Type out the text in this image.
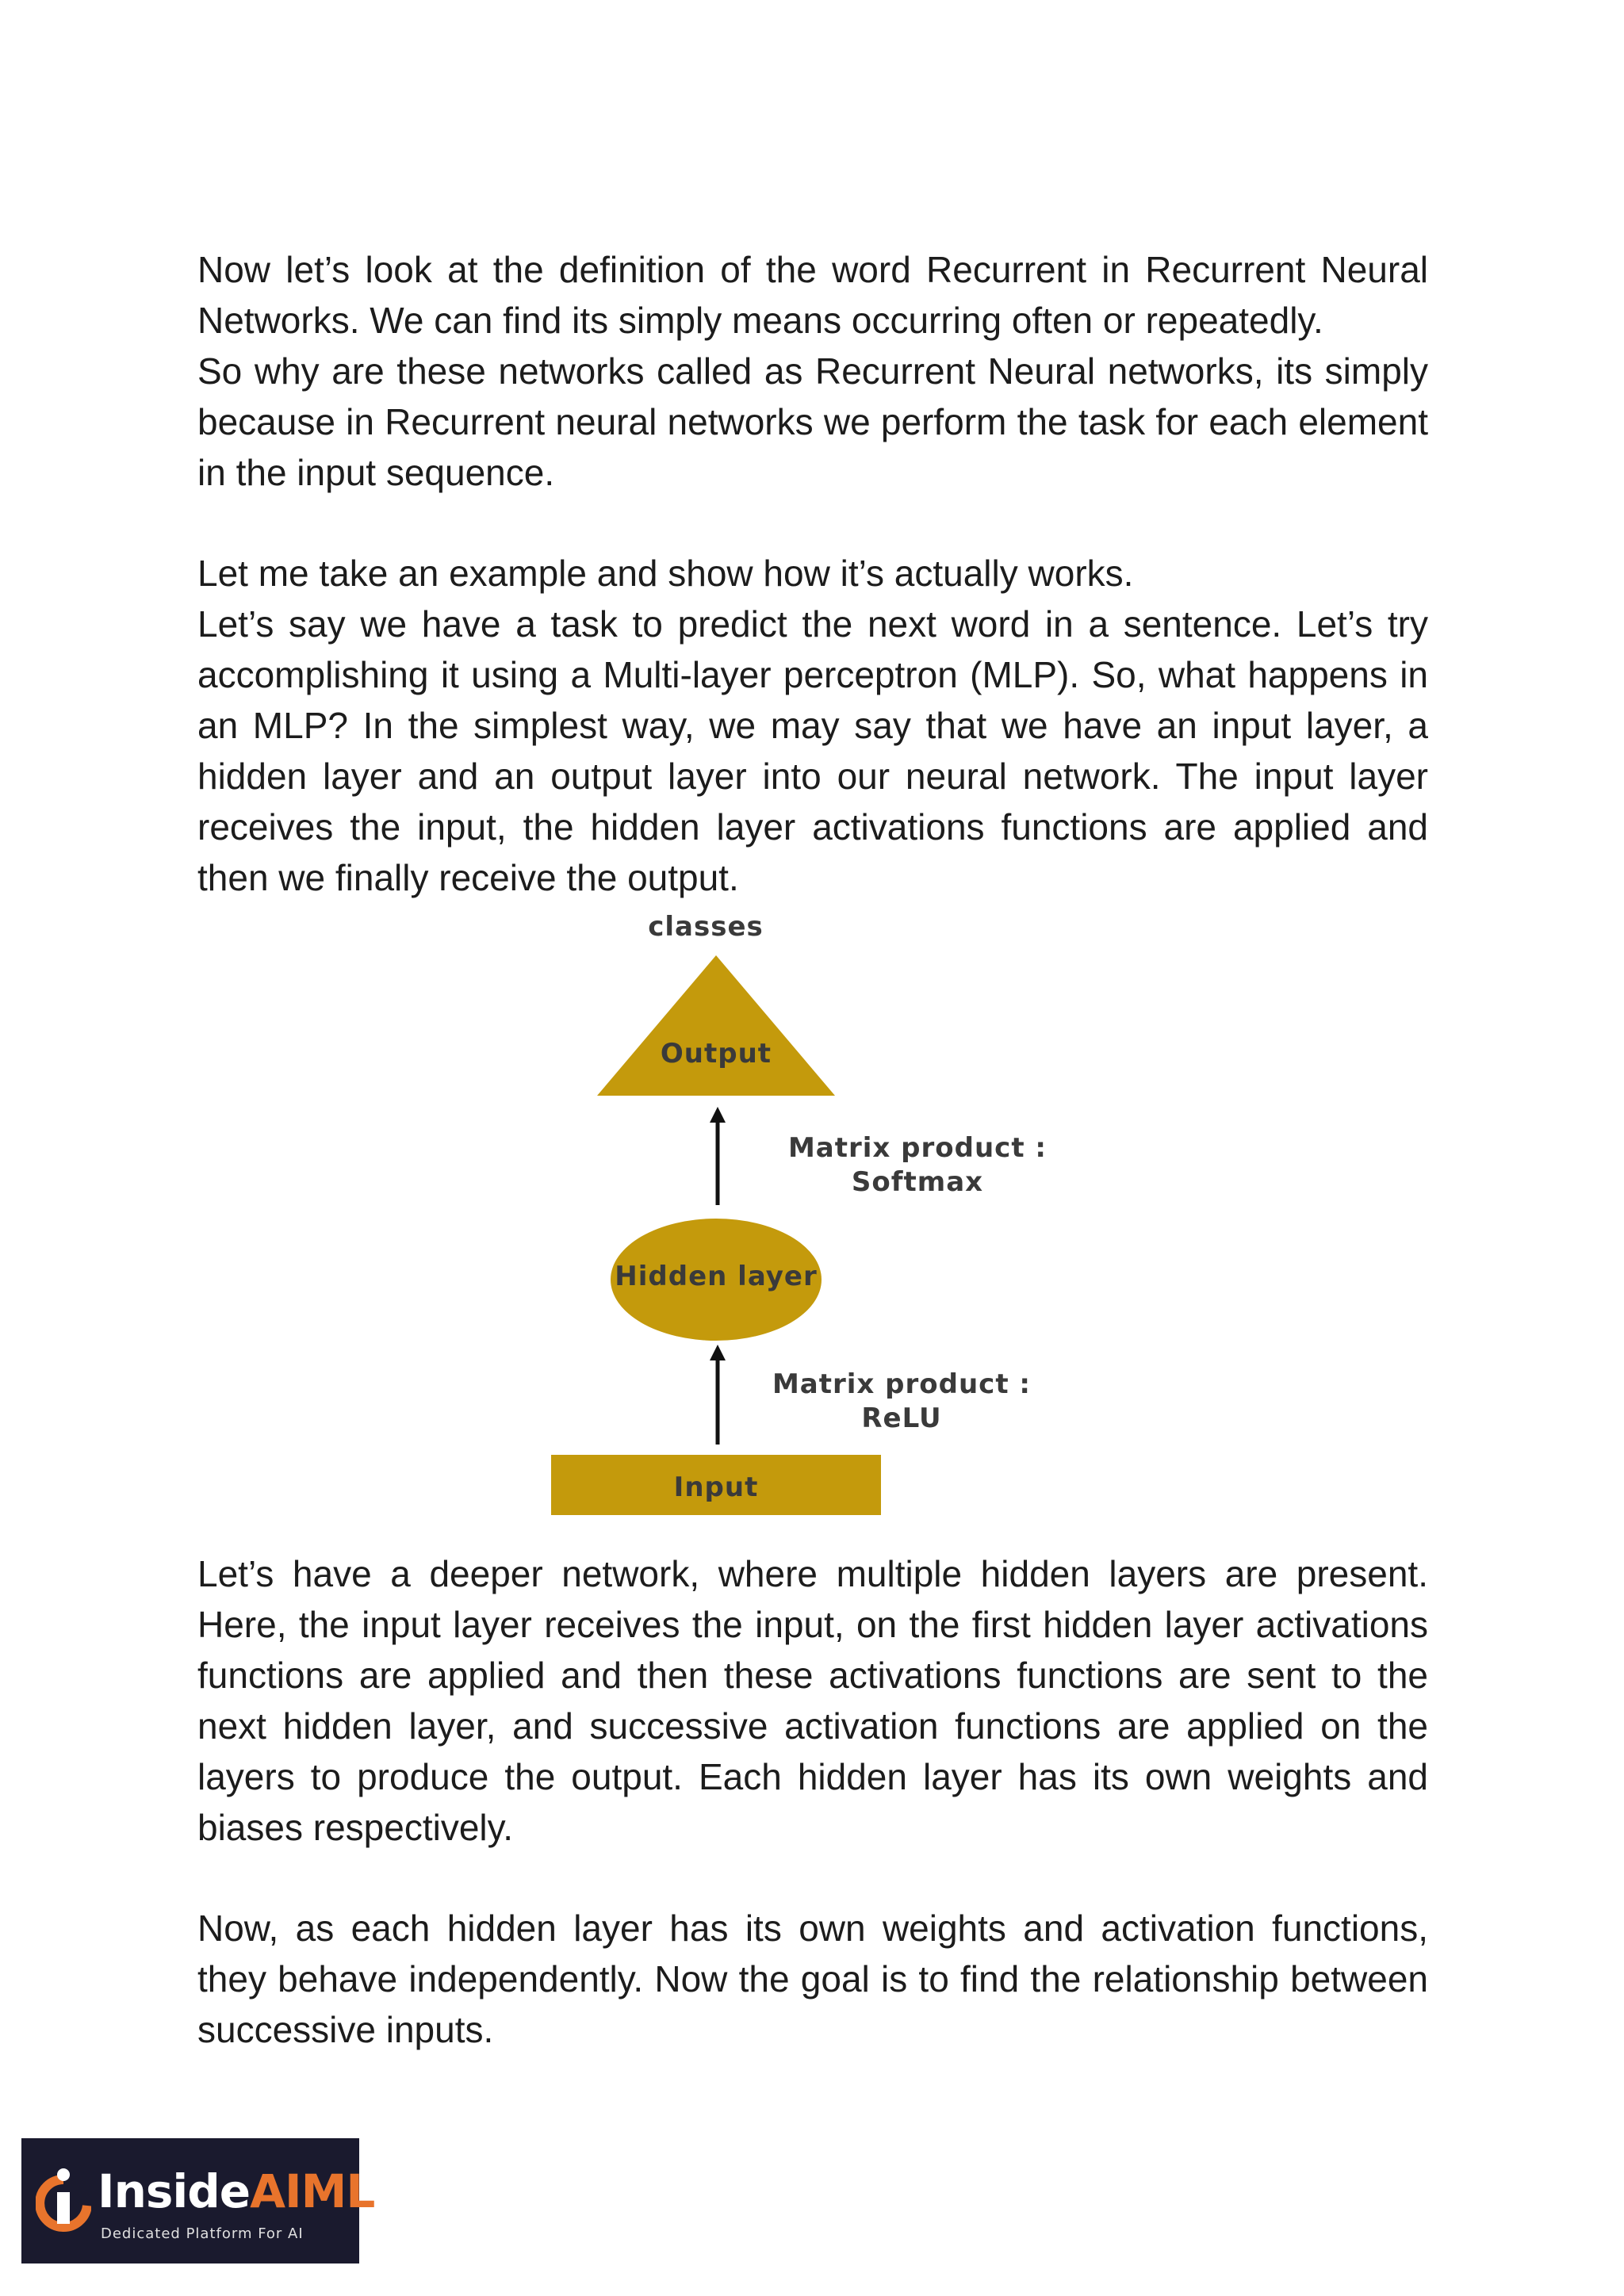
Now let’s look at the definition of the word Recurrent in Recurrent Neural Networks. We can find its simply means occurring often or repeatedly.

So why are these networks called as Recurrent Neural networks, its simply because in Recurrent neural networks we perform the task for each element in the input sequence.

Let me take an example and show how it’s actually works.

Let’s say we have a task to predict the next word in a sentence. Let’s try accomplishing it using a Multi-layer perceptron (MLP). So, what happens in an MLP? In the simplest way, we may say that we have an input layer, a hidden layer and an output layer into our neural network. The input layer receives the input, the hidden layer activations functions are applied and then we finally receive the output.

classes
Output
Matrix product :
Softmax
Hidden layer
Matrix product :
ReLU
Input

Let’s have a deeper network, where multiple hidden layers are present. Here, the input layer receives the input, on the first hidden layer activations functions are applied and then these activations functions are sent to the next hidden layer, and successive activation functions are applied on the layers to produce the output. Each hidden layer has its own weights and biases respectively.

Now, as each hidden layer has its own weights and activation functions, they behave independently. Now the goal is to find the relationship between successive inputs.

InsideAIML
Dedicated Platform For AI
